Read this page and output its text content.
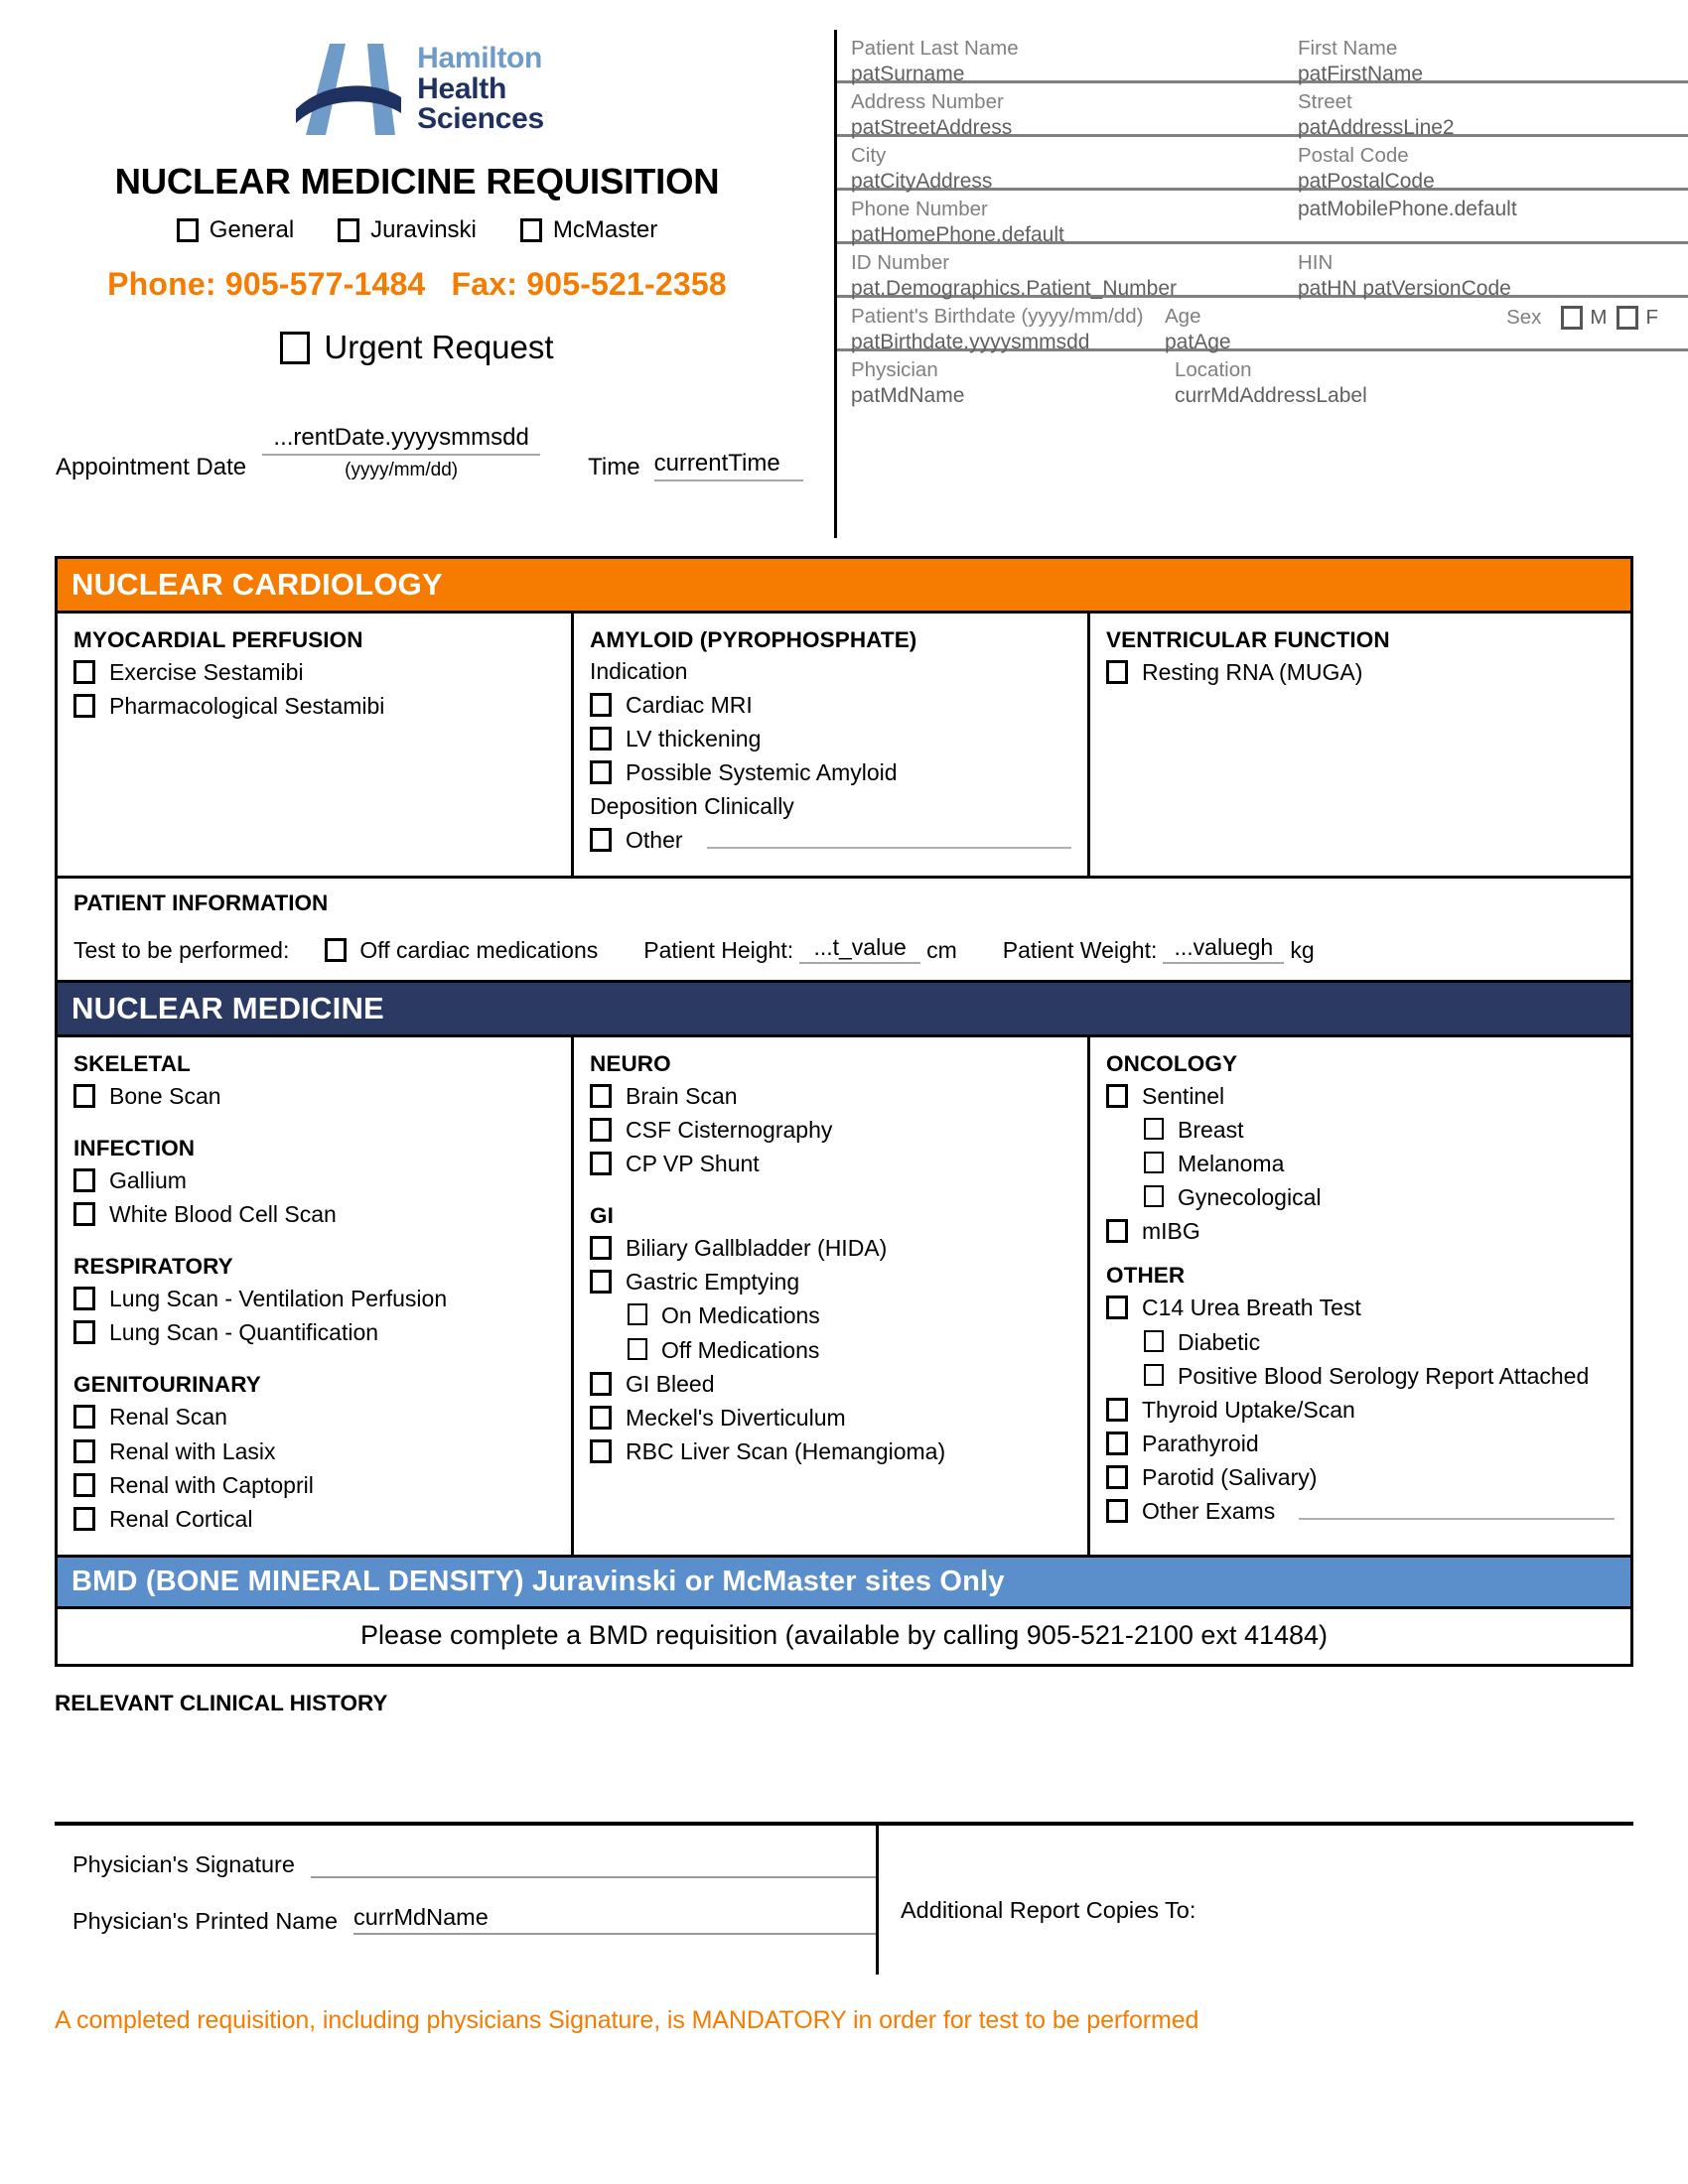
Hamilton
Health
Sciences
NUCLEAR MEDICINE REQUISITION
General	Juravinski	McMaster
Phone: 905-577-1484 Fax: 905-521-2358
Urgent Request
Appointment Date
...rentDate.yyyysmmsdd
(yyyy/mm/dd)	Time currentTime
Patient Last Name
patSurname
First Name
patFirstName
Address Number
patStreetAddress
Street
patAddressLine2
City
patCityAddress
Postal Code
patPostalCode
Phone Number
patHomePhone.default
patMobilePhone.default
ID Number
pat.Demographics.Patient_Number
HIN
patHN patVersionCode
Patient's Birthdate (yyyy/mm/dd)
patBirthdate.yyyysmmsdd
Age
patAge
Sex M F
Physician
patMdName
Location
currMdAddressLabel
NUCLEAR CARDIOLOGY
MYOCARDIAL PERFUSION
Exercise Sestamibi
Pharmacological Sestamibi
AMYLOID (PYROPHOSPHATE)
Indication
Cardiac MRI
LV thickening
Possible Systemic Amyloid
Deposition Clinically
Other
VENTRICULAR FUNCTION
Resting RNA (MUGA)
PATIENT INFORMATION
Test to be performed:	Off cardiac medications Patient Height: ...t_value cm Patient Weight: ...valuegh kg
NUCLEAR MEDICINE
SKELETAL
Bone Scan
INFECTION
Gallium
White Blood Cell Scan
RESPIRATORY
Lung Scan - Ventilation Perfusion
Lung Scan - Quantification
GENITOURINARY
Renal Scan
Renal with Lasix
Renal with Captopril
Renal Cortical
NEURO
Brain Scan
CSF Cisternography
CP VP Shunt
GI
Biliary Gallbladder (HIDA)
Gastric Emptying
On Medications
Off Medications
GI Bleed
Meckel's Diverticulum
RBC Liver Scan (Hemangioma)
ONCOLOGY
Sentinel
Breast
Melanoma
Gynecological
mIBG
OTHER
C14 Urea Breath Test
Diabetic
Positive Blood Serology Report Attached
Thyroid Uptake/Scan
Parathyroid
Parotid (Salivary)
Other Exams
BMD (BONE MINERAL DENSITY) Juravinski or McMaster sites Only
Please complete a BMD requisition (available by calling 905-521-2100 ext 41484)
RELEVANT CLINICAL HISTORY
Physician's Signature
Physician's Printed Name currMdName	Additional Report Copies To:
A completed requisition, including physicians Signature, is MANDATORY in order for test to be performed
